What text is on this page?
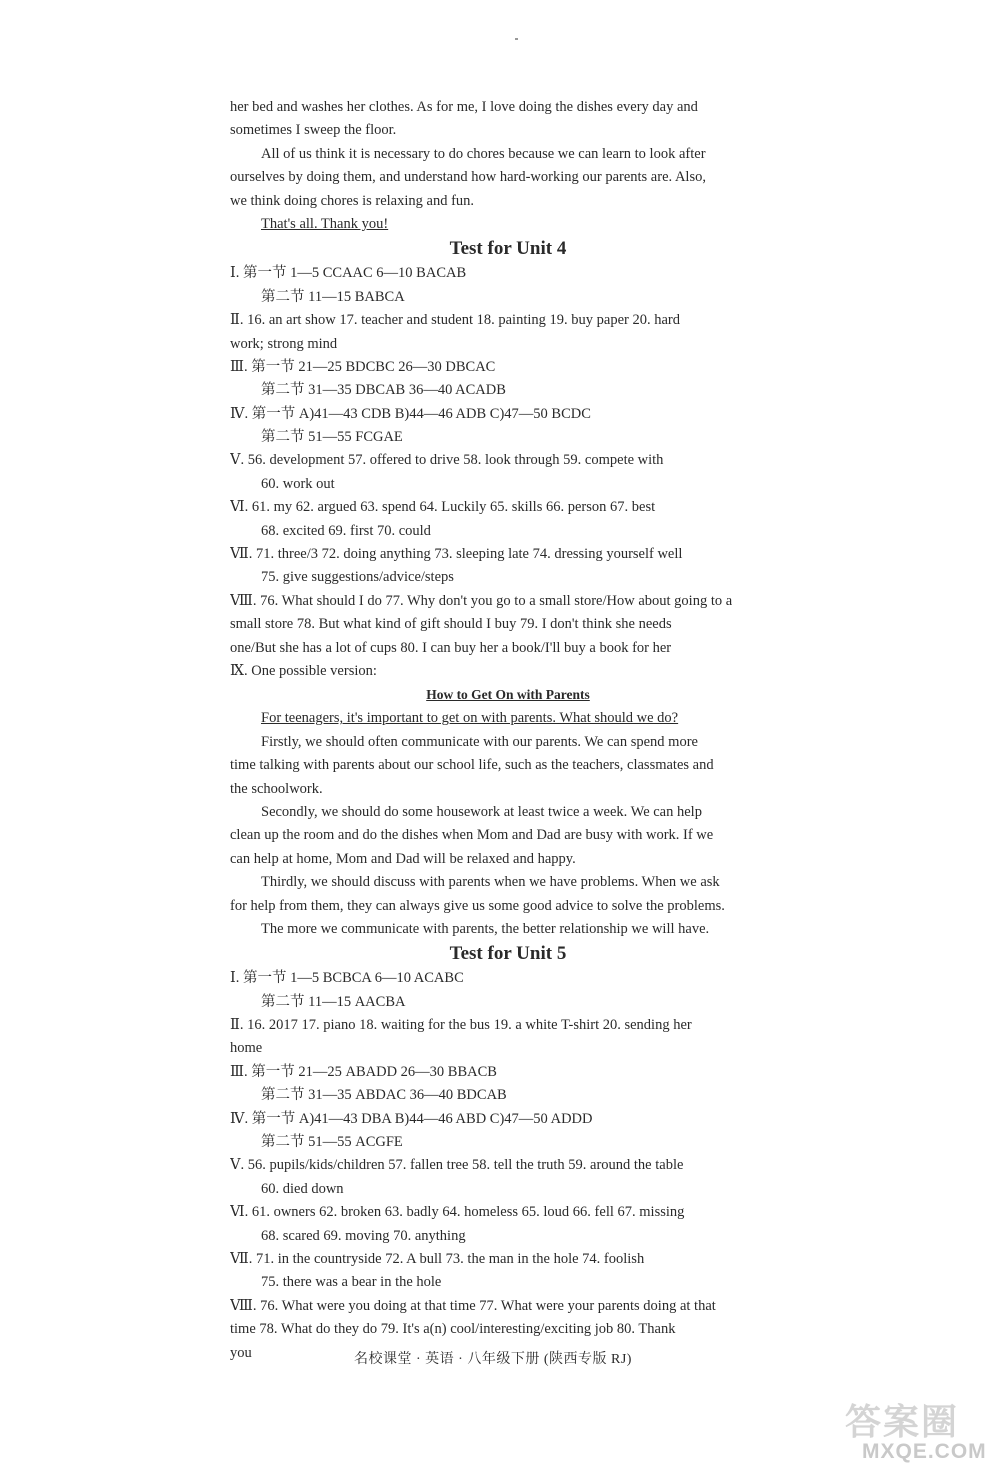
her bed and washes her clothes. As for me, I love doing the dishes every day and
sometimes I sweep the floor.
All of us think it is necessary to do chores because we can learn to look after
ourselves by doing them, and understand how hard-working our parents are. Also,
we think doing chores is relaxing and fun.
That's all. Thank you!
Test for Unit 4
Ⅰ. 第一节 1—5 CCAAC 6—10 BACAB
第二节 11—15 BABCA
Ⅱ. 16. an art show 17. teacher and student 18. painting 19. buy paper 20. hard
work; strong mind
Ⅲ. 第一节 21—25 BDCBC 26—30 DBCAC
第二节 31—35 DBCAB 36—40 ACADB
Ⅳ. 第一节 A)41—43 CDB B)44—46 ADB C)47—50 BCDC
第二节 51—55 FCGAE
Ⅴ. 56. development 57. offered to drive 58. look through 59. compete with
60. work out
Ⅵ. 61. my 62. argued 63. spend 64. Luckily 65. skills 66. person 67. best
68. excited 69. first 70. could
Ⅶ. 71. three/3 72. doing anything 73. sleeping late 74. dressing yourself well
75. give suggestions/advice/steps
Ⅷ. 76. What should I do 77. Why don't you go to a small store/How about going to a
small store 78. But what kind of gift should I buy 79. I don't think she needs
one/But she has a lot of cups 80. I can buy her a book/I'll buy a book for her
Ⅸ. One possible version:
How to Get On with Parents
For teenagers, it's important to get on with parents. What should we do?
Firstly, we should often communicate with our parents. We can spend more
time talking with parents about our school life, such as the teachers, classmates and
the schoolwork.
Secondly, we should do some housework at least twice a week. We can help
clean up the room and do the dishes when Mom and Dad are busy with work. If we
can help at home, Mom and Dad will be relaxed and happy.
Thirdly, we should discuss with parents when we have problems. When we ask
for help from them, they can always give us some good advice to solve the problems.
The more we communicate with parents, the better relationship we will have.
Test for Unit 5
Ⅰ. 第一节 1—5 BCBCA 6—10 ACABC
第二节 11—15 AACBA
Ⅱ. 16. 2017 17. piano 18. waiting for the bus 19. a white T-shirt 20. sending her
home
Ⅲ. 第一节 21—25 ABADD 26—30 BBACB
第二节 31—35 ABDAC 36—40 BDCAB
Ⅳ. 第一节 A)41—43 DBA B)44—46 ABD C)47—50 ADDD
第二节 51—55 ACGFE
Ⅴ. 56. pupils/kids/children 57. fallen tree 58. tell the truth 59. around the table
60. died down
Ⅵ. 61. owners 62. broken 63. badly 64. homeless 65. loud 66. fell 67. missing
68. scared 69. moving 70. anything
Ⅶ. 71. in the countryside 72. A bull 73. the man in the hole 74. foolish
75. there was a bear in the hole
Ⅷ. 76. What were you doing at that time 77. What were your parents doing at that
time 78. What do they do 79. It's a(n) cool/interesting/exciting job 80. Thank
you	名校课堂 · 英语 · 八年级下册 (陕西专版 RJ)
答案圈
MXQE.COM
